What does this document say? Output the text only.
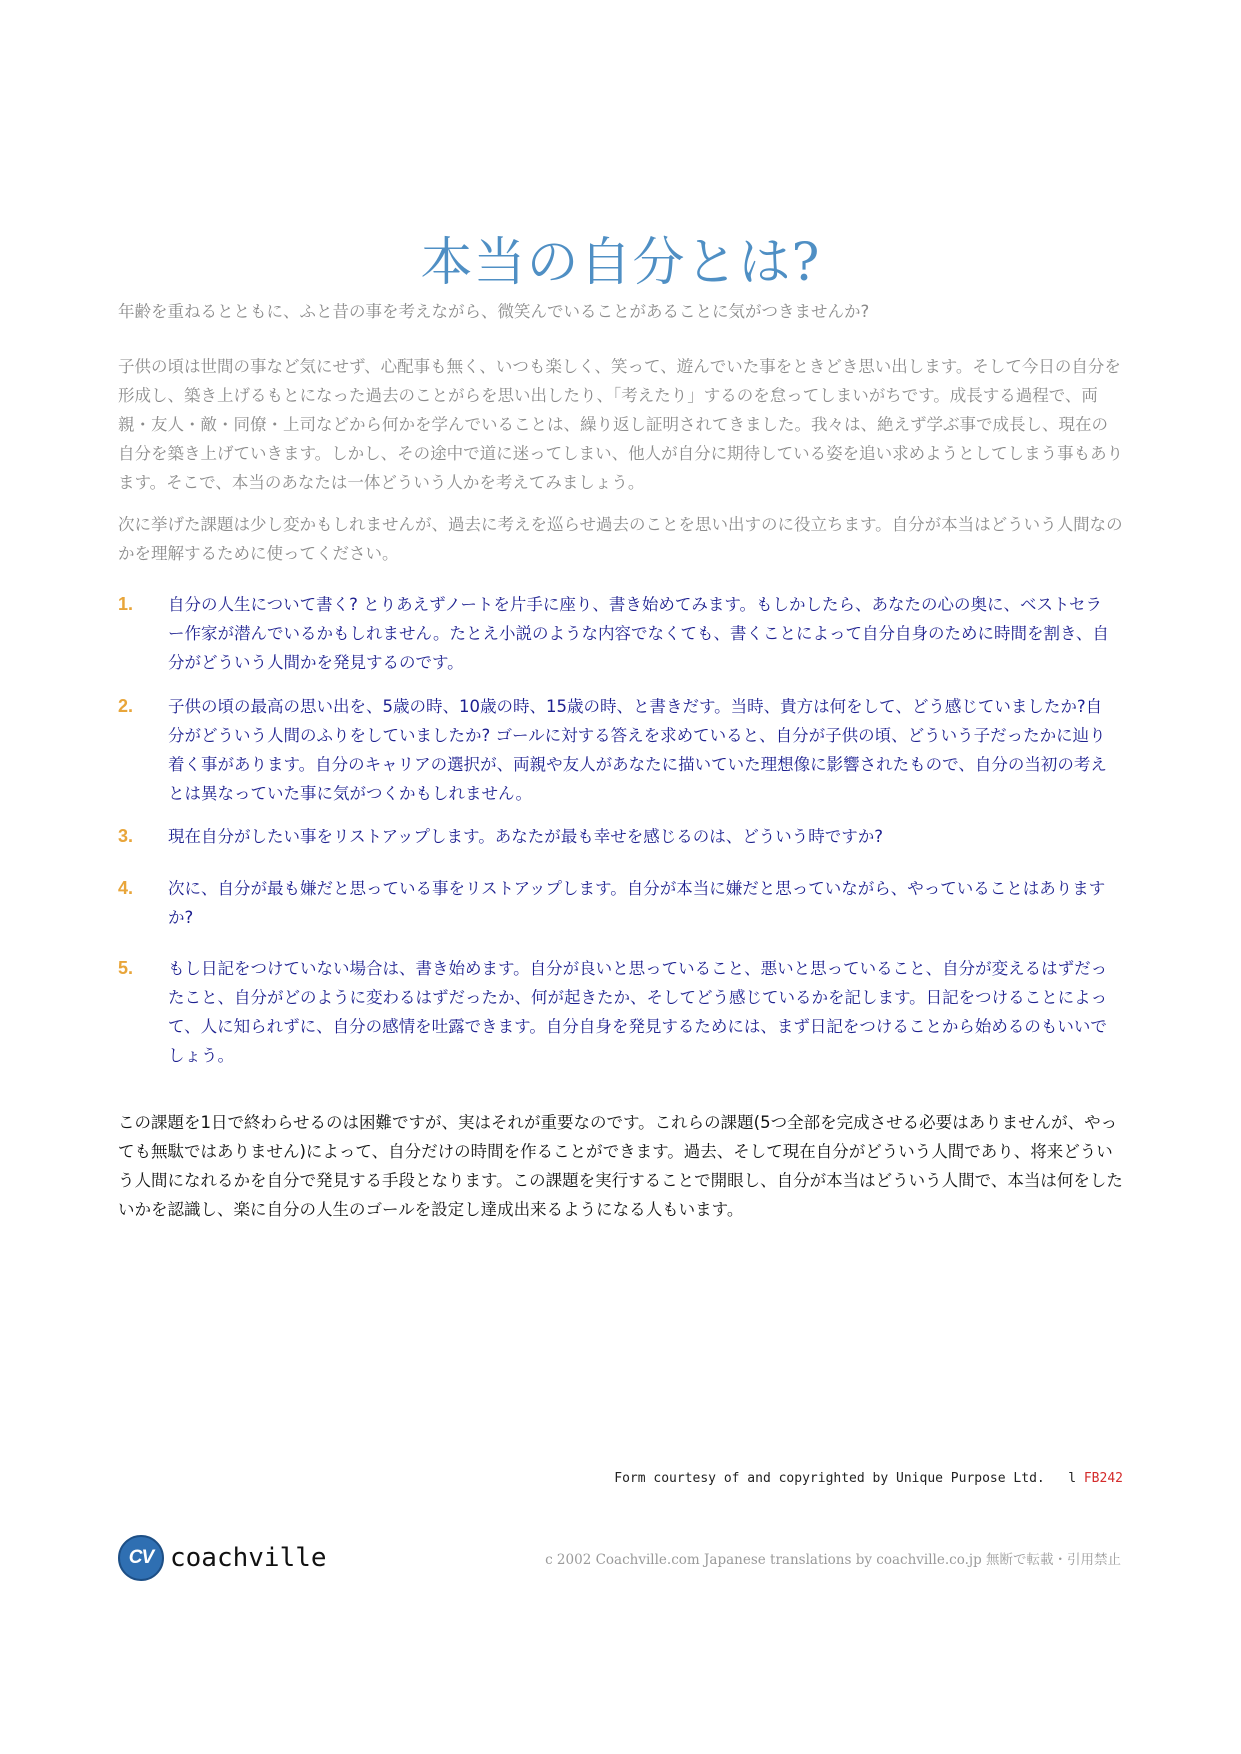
本当の自分とは?

年齢を重ねるとともに、ふと昔の事を考えながら、微笑んでいることがあることに気がつきませんか?

子供の頃は世間の事など気にせず、心配事も無く、いつも楽しく、笑って、遊んでいた事をときどき思い出します。そして今日の自分を形成し、築き上げるもとになった過去のことがらを思い出したり、「考えたり」するのを怠ってしまいがちです。成長する過程で、両親・友人・敵・同僚・上司などから何かを学んでいることは、繰り返し証明されてきました。我々は、絶えず学ぶ事で成長し、現在の自分を築き上げていきます。しかし、その途中で道に迷ってしまい、他人が自分に期待している姿を追い求めようとしてしまう事もあります。そこで、本当のあなたは一体どういう人かを考えてみましょう。

次に挙げた課題は少し変かもしれませんが、過去に考えを巡らせ過去のことを思い出すのに役立ちます。自分が本当はどういう人間なのかを理解するために使ってください。

1. 自分の人生について書く? とりあえずノートを片手に座り、書き始めてみます。もしかしたら、あなたの心の奥に、ベストセラー作家が潜んでいるかもしれません。たとえ小説のような内容でなくても、書くことによって自分自身のために時間を割き、自分がどういう人間かを発見するのです。
2. 子供の頃の最高の思い出を、5歳の時、10歳の時、15歳の時、と書きだす。当時、貴方は何をして、どう感じていましたか?自分がどういう人間のふりをしていましたか? ゴールに対する答えを求めていると、自分が子供の頃、どういう子だったかに辿り着く事があります。自分のキャリアの選択が、両親や友人があなたに描いていた理想像に影響されたもので、自分の当初の考えとは異なっていた事に気がつくかもしれません。
3. 現在自分がしたい事をリストアップします。あなたが最も幸せを感じるのは、どういう時ですか?
4. 次に、自分が最も嫌だと思っている事をリストアップします。自分が本当に嫌だと思っていながら、やっていることはありますか?
5. もし日記をつけていない場合は、書き始めます。自分が良いと思っていること、悪いと思っていること、自分が変えるはずだったこと、自分がどのように変わるはずだったか、何が起きたか、そしてどう感じているかを記します。日記をつけることによって、人に知られずに、自分の感情を吐露できます。自分自身を発見するためには、まず日記をつけることから始めるのもいいでしょう。

この課題を1日で終わらせるのは困難ですが、実はそれが重要なのです。これらの課題(5つ全部を完成させる必要はありませんが、やっても無駄ではありません)によって、自分だけの時間を作ることができます。過去、そして現在自分がどういう人間であり、将来どういう人間になれるかを自分で発見する手段となります。この課題を実行することで開眼し、自分が本当はどういう人間で、本当は何をしたいかを認識し、楽に自分の人生のゴールを設定し達成出来るようになる人もいます。

Form courtesy of and copyrighted by Unique Purpose Ltd. l FB242
CV coachville	c 2002 Coachville.com Japanese translations by coachville.co.jp 無断で転載・引用禁止
